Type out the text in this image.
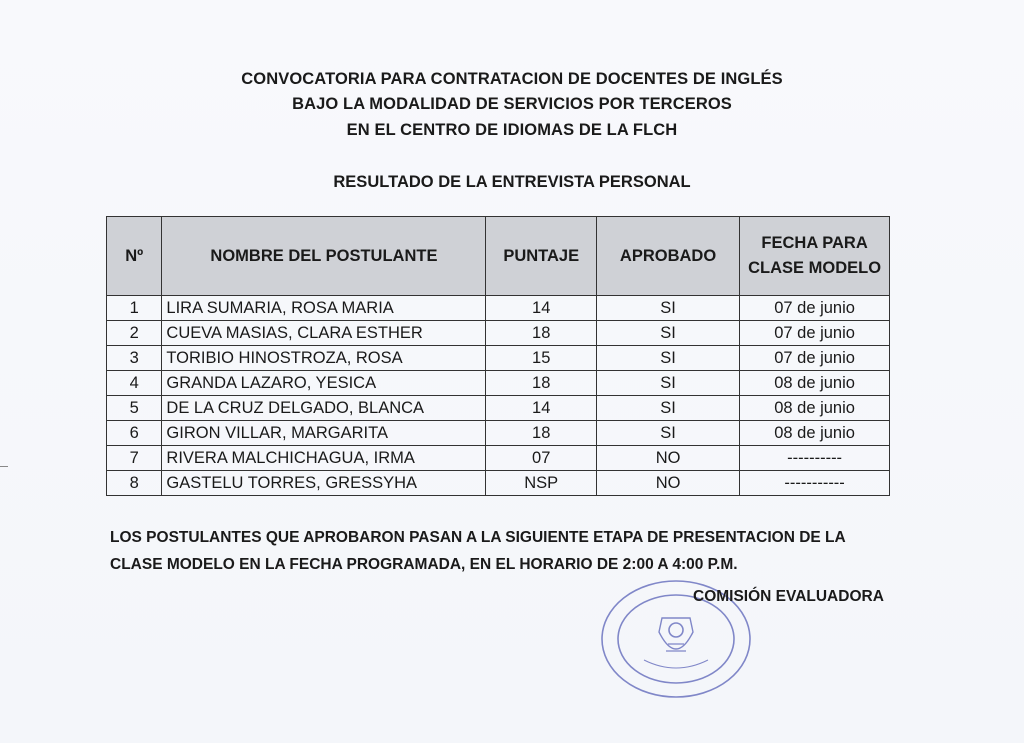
CONVOCATORIA PARA CONTRATACION DE DOCENTES DE INGLÉS
BAJO LA MODALIDAD DE SERVICIOS POR TERCEROS
EN EL CENTRO DE IDIOMAS DE LA FLCH
RESULTADO DE LA ENTREVISTA PERSONAL
Nº	NOMBRE DEL POSTULANTE	PUNTAJE	APROBADO	FECHA PARA
CLASE MODELO
1	LIRA SUMARIA, ROSA MARIA	14	SI	07 de junio
2	CUEVA MASIAS, CLARA ESTHER	18	SI	07 de junio
3	TORIBIO HINOSTROZA, ROSA	15	SI	07 de junio
4	GRANDA LAZARO, YESICA	18	SI	08 de junio
5	DE LA CRUZ DELGADO, BLANCA	14	SI	08 de junio
6	GIRON VILLAR, MARGARITA	18	SI	08 de junio
7	RIVERA MALCHICHAGUA, IRMA	07	NO	----------
8	GASTELU TORRES, GRESSYHA	NSP	NO	-----------
LOS POSTULANTES QUE APROBARON PASAN A LA SIGUIENTE ETAPA DE PRESENTACION DE LA
CLASE MODELO EN LA FECHA PROGRAMADA, EN EL HORARIO DE 2:00 A 4:00 P.M.
COMISIÓN EVALUADORA
